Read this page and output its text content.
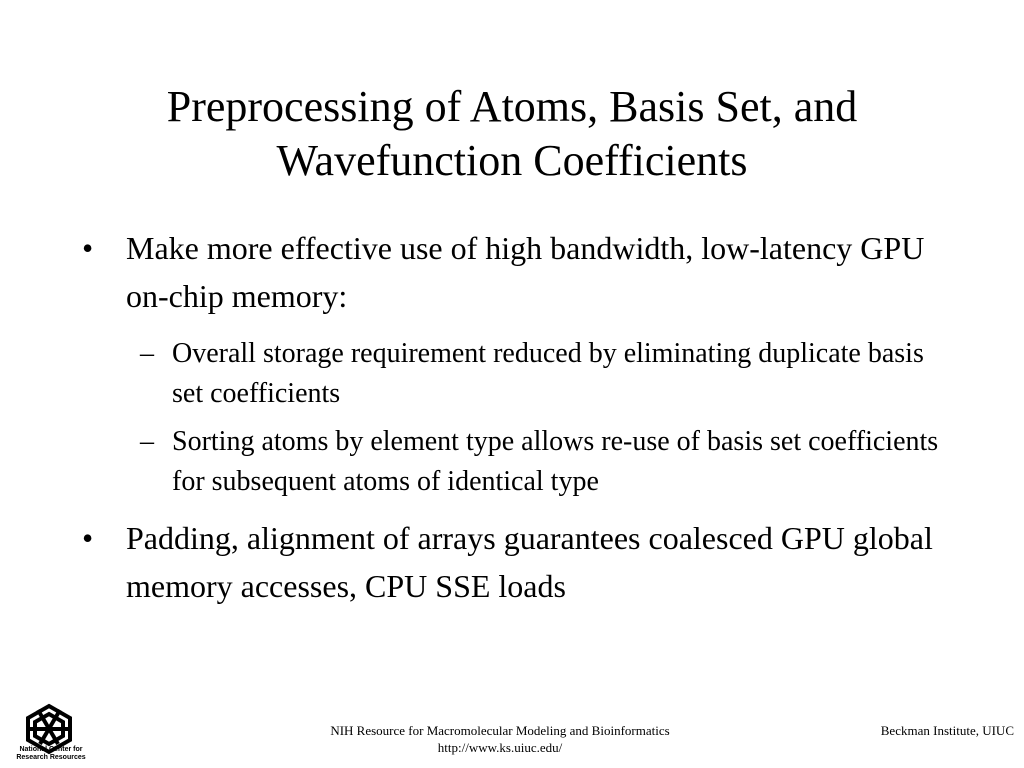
Preprocessing of Atoms, Basis Set, and
Wavefunction Coefficients
•	Make more effective use of high bandwidth, low-latency GPU on-chip memory:
– Overall storage requirement reduced by eliminating duplicate basis set coefficients
– Sorting atoms by element type allows re-use of basis set coefficients for subsequent atoms of identical type
•	Padding, alignment of arrays guarantees coalesced GPU global memory accesses, CPU SSE loads
National Center for
Research Resources
NIH Resource for Macromolecular Modeling and Bioinformatics
http://www.ks.uiuc.edu/
Beckman Institute, UIUC
